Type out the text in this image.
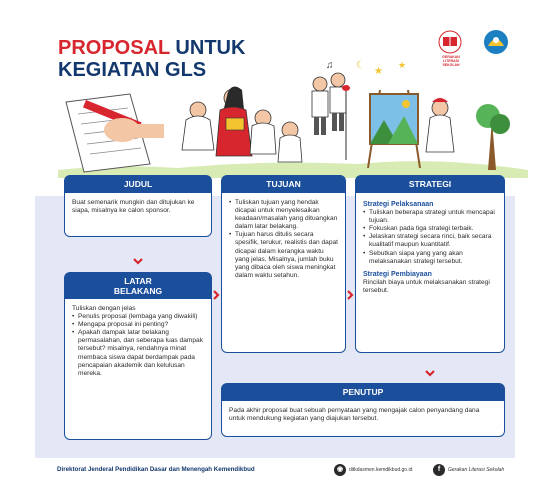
PROPOSAL UNTUK
KEGIATAN GLS
GERAKAN LITERASI SEKOLAH
♫ ☾
★
★
JUDUL
Buat semenarik mungkin dan ditujukan ke siapa, misalnya ke calon sponsor.
LATAR
BELAKANG
Tuliskan dengan jelas
• Penulis proposal (lembaga yang diwakili)
• Mengapa proposal ini penting?
• Apakah dampak latar belakang permasalahan, dan seberapa luas dampak tersebut? misalnya, rendahnya minat membaca siswa dapat berdampak pada pencapaian akademik dan kelulusan mereka.
TUJUAN
• Tuliskan tujuan yang hendak dicapai untuk menyelesaikan keadaan/masalah yang dituangkan dalam latar belakang.
• Tujuan harus ditulis secara spesifik, terukur, realistis dan dapat dicapai dalam kerangka waktu yang jelas. Misalnya, jumlah buku yang dibaca oleh siswa meningkat dalam waktu setahun.
STRATEGI
Strategi Pelaksanaan
• Tuliskan beberapa strategi untuk mencapai tujuan.
• Fokuskan pada tiga strategi terbaik.
• Jelaskan strategi secara rinci, baik secara kualitatif maupun kuantitatif.
• Sebutkan siapa yang yang akan melaksanakan strategi tersebut.
Strategi Pembiayaan
Rincilah biaya untuk melaksanakan strategi tersebut.
PENUTUP
Pada akhir proposal buat sebuah pernyataan yang mengajak calon penyandang dana untuk mendukung kegiatan yang diajukan tersebut.
Direktorat Jenderal Pendidikan Dasar dan Menengah Kemendikbud	◉	ditkdasmen.kemdikbud.go.id	f	Gerakan Literasi Sekolah
